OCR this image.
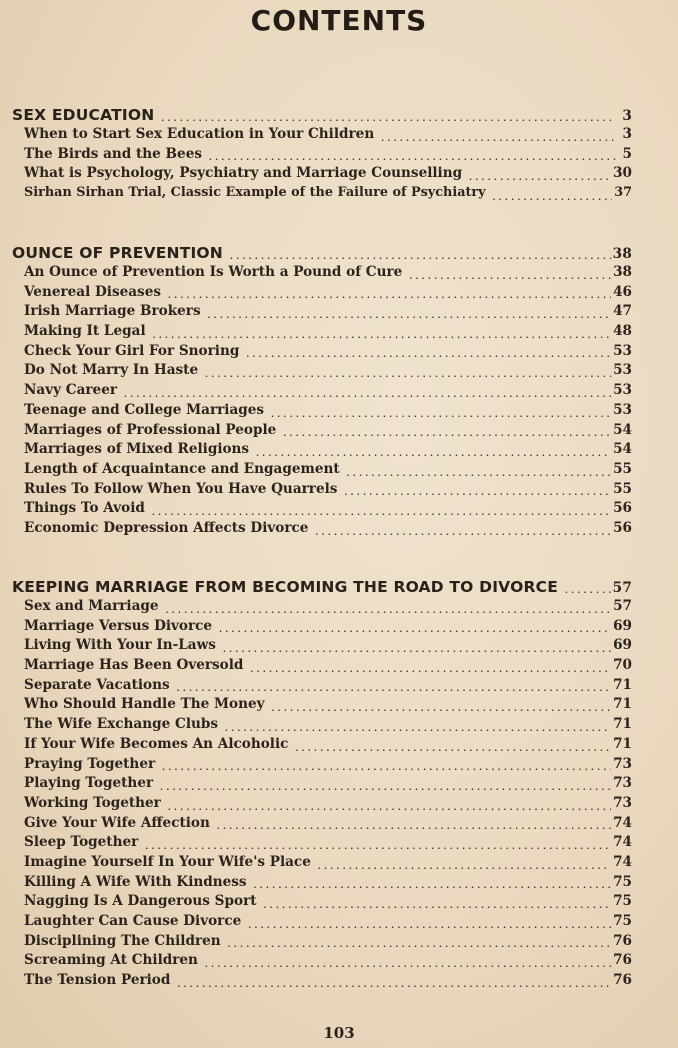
CONTENTS
SEX EDUCATION .....	3
When to Start Sex Education in Your Children .....	3
The Birds and the Bees .....	5
What is Psychology, Psychiatry and Marriage Counselling .....	30
Sirhan Sirhan Trial, Classic Example of the Failure of Psychiatry .....	37
OUNCE OF PREVENTION .....	38
An Ounce of Prevention Is Worth a Pound of Cure .....	38
Venereal Diseases .....	46
Irish Marriage Brokers .....	47
Making It Legal .....	48
Check Your Girl For Snoring .....	53
Do Not Marry In Haste .....	53
Navy Career .....	53
Teenage and College Marriages .....	53
Marriages of Professional People .....	54
Marriages of Mixed Religions .....	54
Length of Acquaintance and Engagement .....	55
Rules To Follow When You Have Quarrels .....	55
Things To Avoid .....	56
Economic Depression Affects Divorce .....	56
KEEPING MARRIAGE FROM BECOMING THE ROAD TO DIVORCE .....	57
Sex and Marriage .....	57
Marriage Versus Divorce .....	69
Living With Your In-Laws .....	69
Marriage Has Been Oversold .....	70
Separate Vacations .....	71
Who Should Handle The Money .....	71
The Wife Exchange Clubs .....	71
If Your Wife Becomes An Alcoholic .....	71
Praying Together .....	73
Playing Together .....	73
Working Together .....	73
Give Your Wife Affection .....	74
Sleep Together .....	74
Imagine Yourself In Your Wife's Place .....	74
Killing A Wife With Kindness .....	75
Nagging Is A Dangerous Sport .....	75
Laughter Can Cause Divorce .....	75
Disciplining The Children .....	76
Screaming At Children .....	76
The Tension Period .....	76
103
